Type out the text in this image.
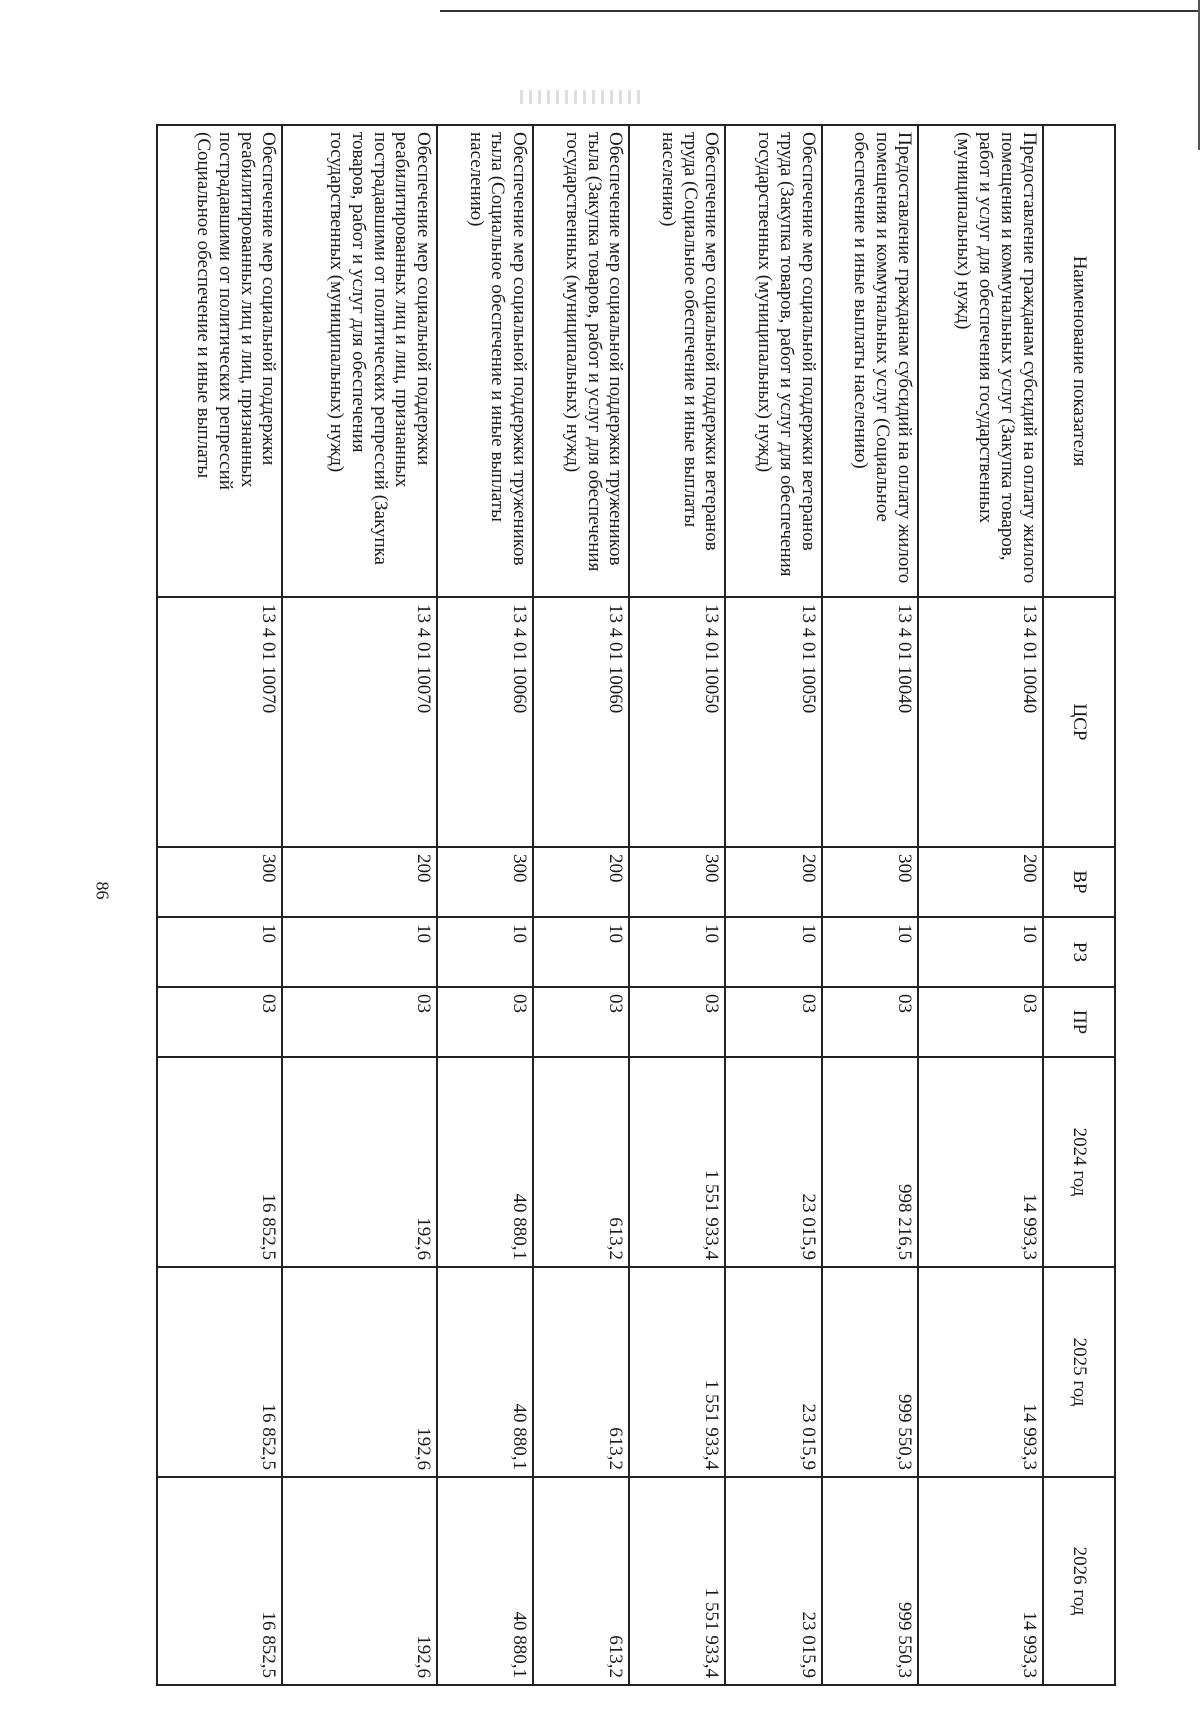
86
Наименование показателя	ЦСР	ВР	РЗ	ПР	2024 год	2025 год	2026 год
Предоставление гражданам субсидий на оплату жилого помещения и коммунальных услуг (Закупка товаров, работ и услуг для обеспечения государственных (муниципальных) нужд)	13 4 01 10040	200	10	03	14 993,3	14 993,3	14 993,3
Предоставление гражданам субсидий на оплату жилого помещения и коммунальных услуг (Социальное обеспечение и иные выплаты населению)	13 4 01 10040	300	10	03	998 216,5	999 550,3	999 550,3
Обеспечение мер социальной поддержки ветеранов труда (Закупка товаров, работ и услуг для обеспечения государственных (муниципальных) нужд)	13 4 01 10050	200	10	03	23 015,9	23 015,9	23 015,9
Обеспечение мер социальной поддержки ветеранов труда (Социальное обеспечение и иные выплаты населению)	13 4 01 10050	300	10	03	1 551 933,4	1 551 933,4	1 551 933,4
Обеспечение мер социальной поддержки тружеников тыла (Закупка товаров, работ и услуг для обеспечения государственных (муниципальных) нужд)	13 4 01 10060	200	10	03	613,2	613,2	613,2
Обеспечение мер социальной поддержки тружеников тыла (Социальное обеспечение и иные выплаты населению)	13 4 01 10060	300	10	03	40 880,1	40 880,1	40 880,1
Обеспечение мер социальной поддержки реабилитированных лиц и лиц, признанных пострадавшими от политических репрессий (Закупка товаров, работ и услуг для обеспечения государственных (муниципальных) нужд)	13 4 01 10070	200	10	03	192,6	192,6	192,6
Обеспечение мер социальной поддержки реабилитированных лиц и лиц, признанных пострадавшими от политических репрессий (Социальное обеспечение и иные выплаты	13 4 01 10070	300	10	03	16 852,5	16 852,5	16 852,5
